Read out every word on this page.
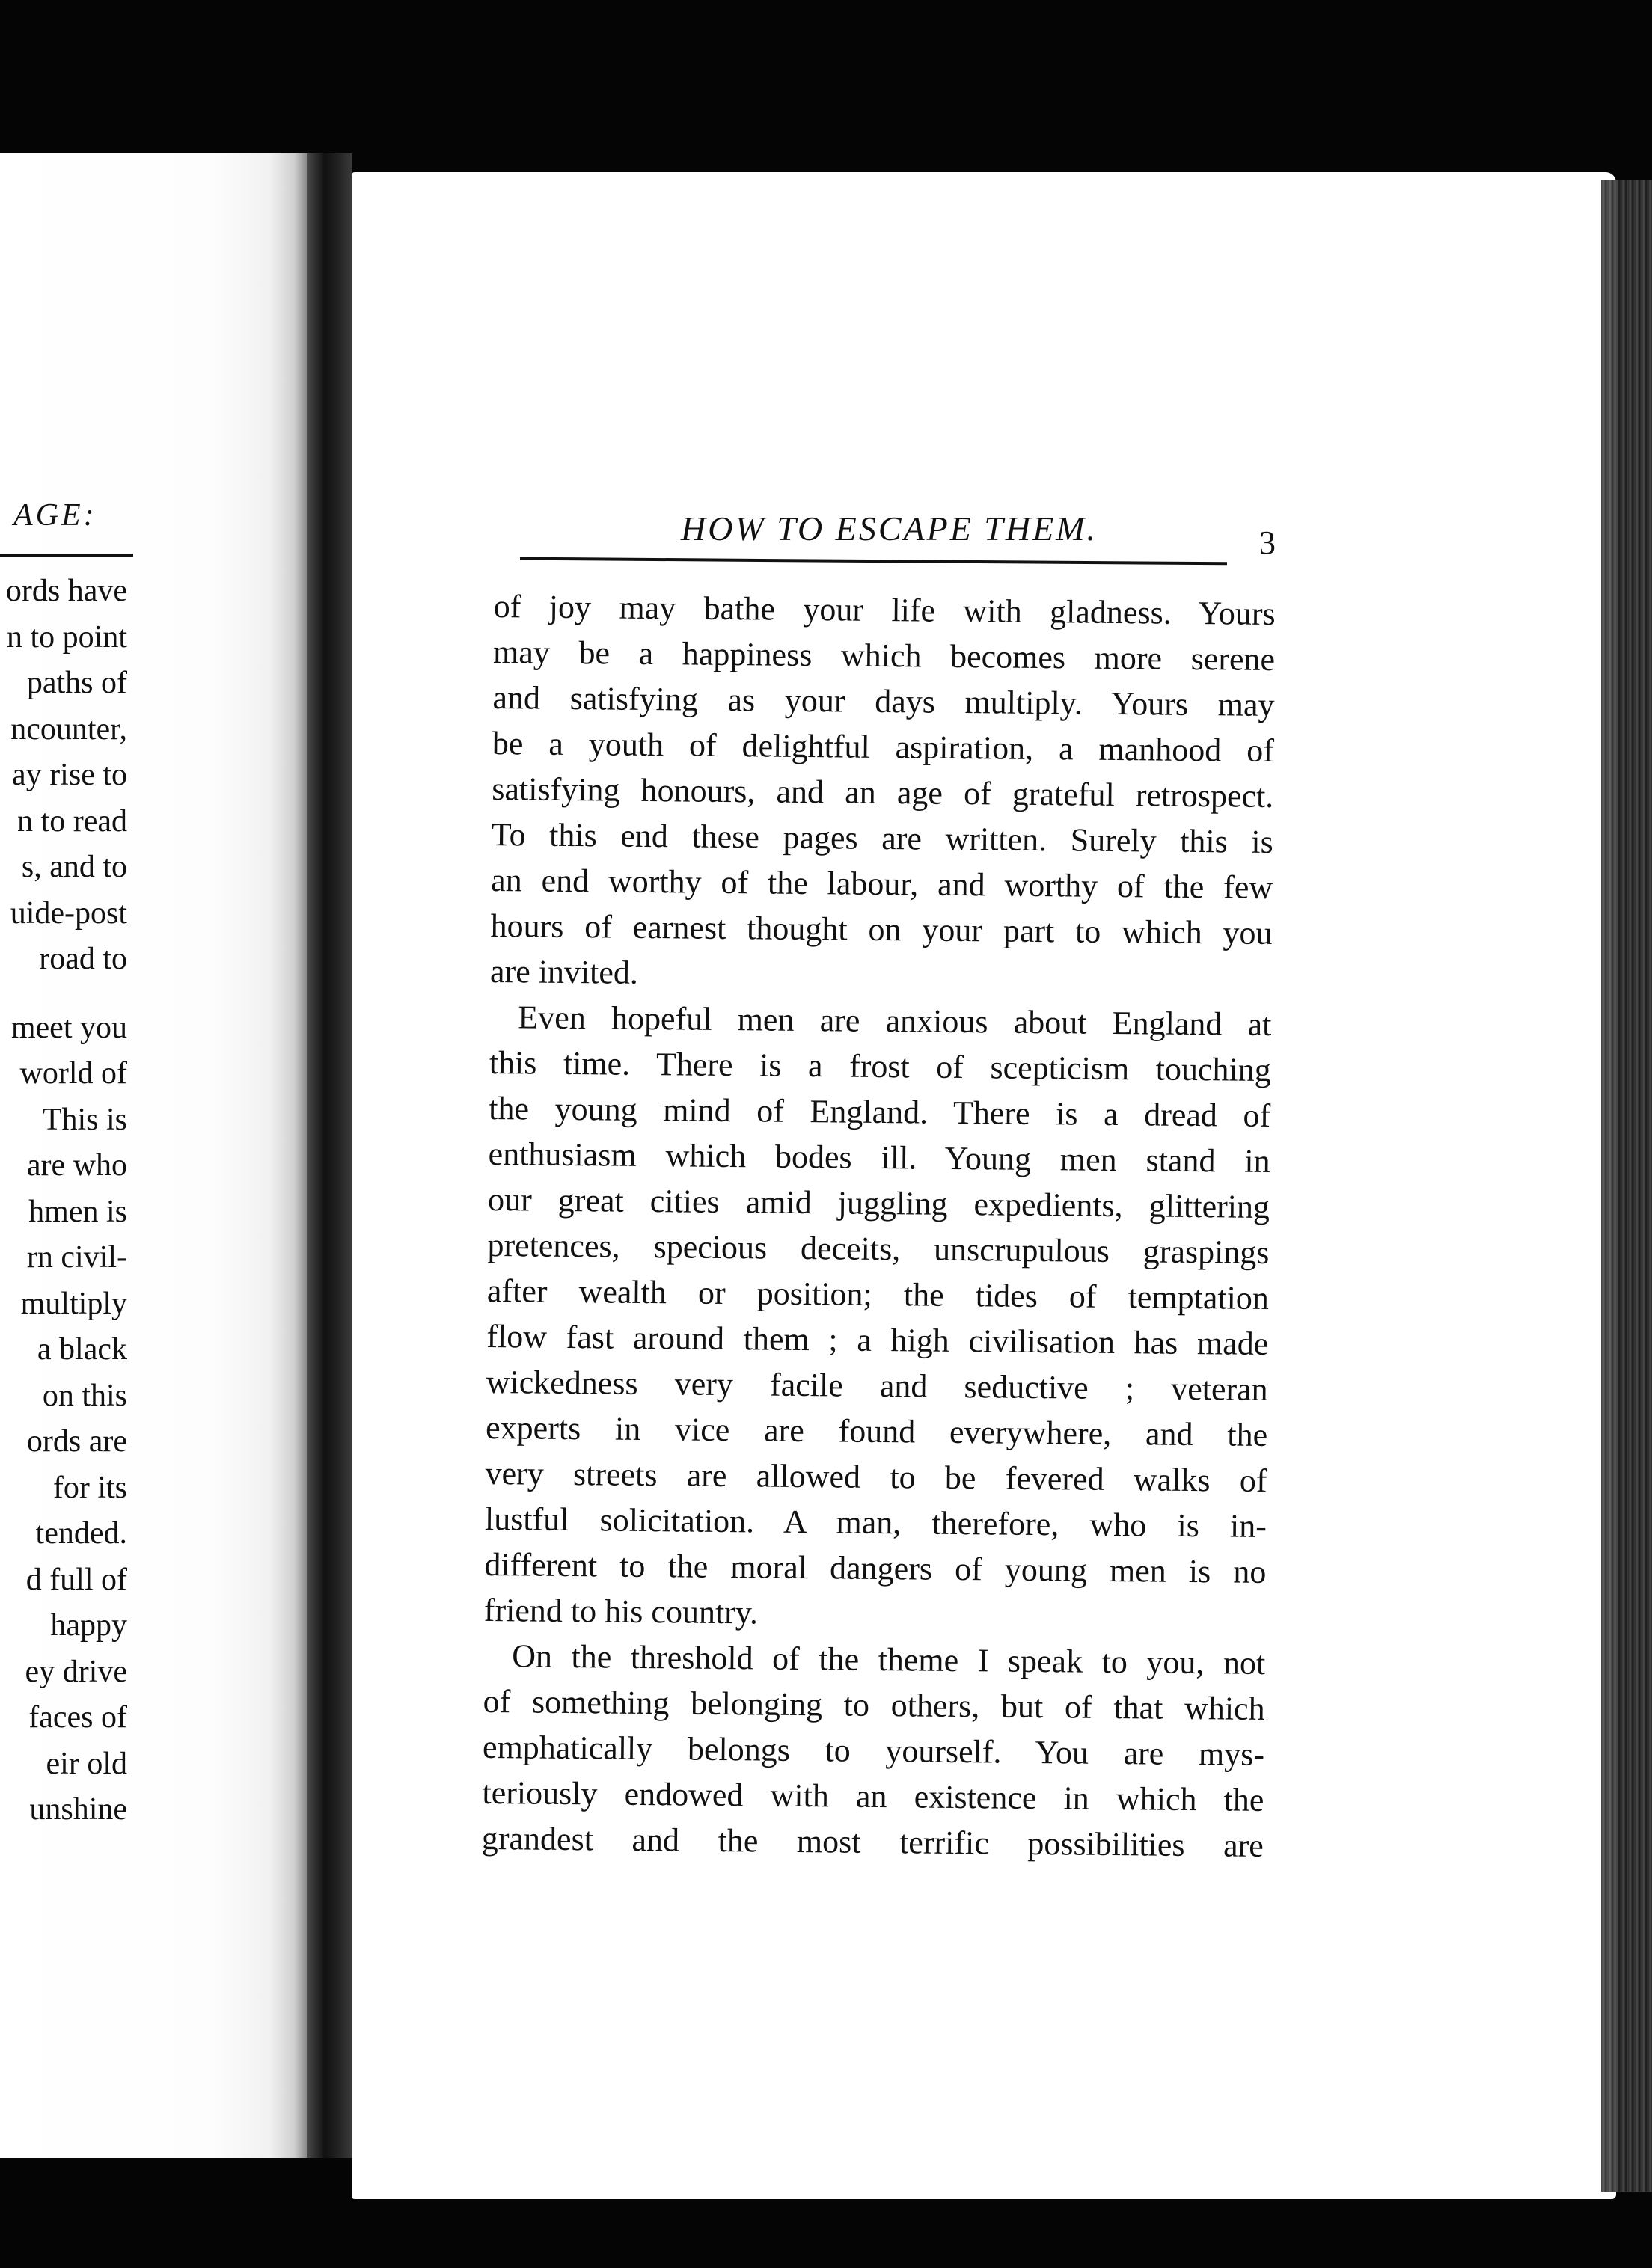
AGE:
ords have
n to point
paths of
ncounter,
ay rise to
n to read
s, and to
uide-post
road to
meet you
world of
This is
are who
hmen is
rn civil-
multiply
a black
on this
ords are
for its
tended.
d full of
happy
ey drive
faces of
eir old
unshine
HOW TO ESCAPE THEM.	3

of joy may bathe your life with gladness. Yours

may be a happiness which becomes more serene

and satisfying as your days multiply. Yours may

be a youth of delightful aspiration, a manhood of

satisfying honours, and an age of grateful retrospect.

To this end these pages are written. Surely this is

an end worthy of the labour, and worthy of the few

hours of earnest thought on your part to which you

are invited.

Even hopeful men are anxious about England at

this time. There is a frost of scepticism touching

the young mind of England. There is a dread of

enthusiasm which bodes ill. Young men stand in

our great cities amid juggling expedients, glittering

pretences, specious deceits, unscrupulous graspings

after wealth or position; the tides of temptation

flow fast around them ; a high civilisation has made

wickedness very facile and seductive ; veteran

experts in vice are found everywhere, and the

very streets are allowed to be fevered walks of

lustful solicitation. A man, therefore, who is in-

different to the moral dangers of young men is no

friend to his country.

On the threshold of the theme I speak to you, not

of something belonging to others, but of that which

emphatically belongs to yourself. You are mys-

teriously endowed with an existence in which the

grandest and the most terrific possibilities are
